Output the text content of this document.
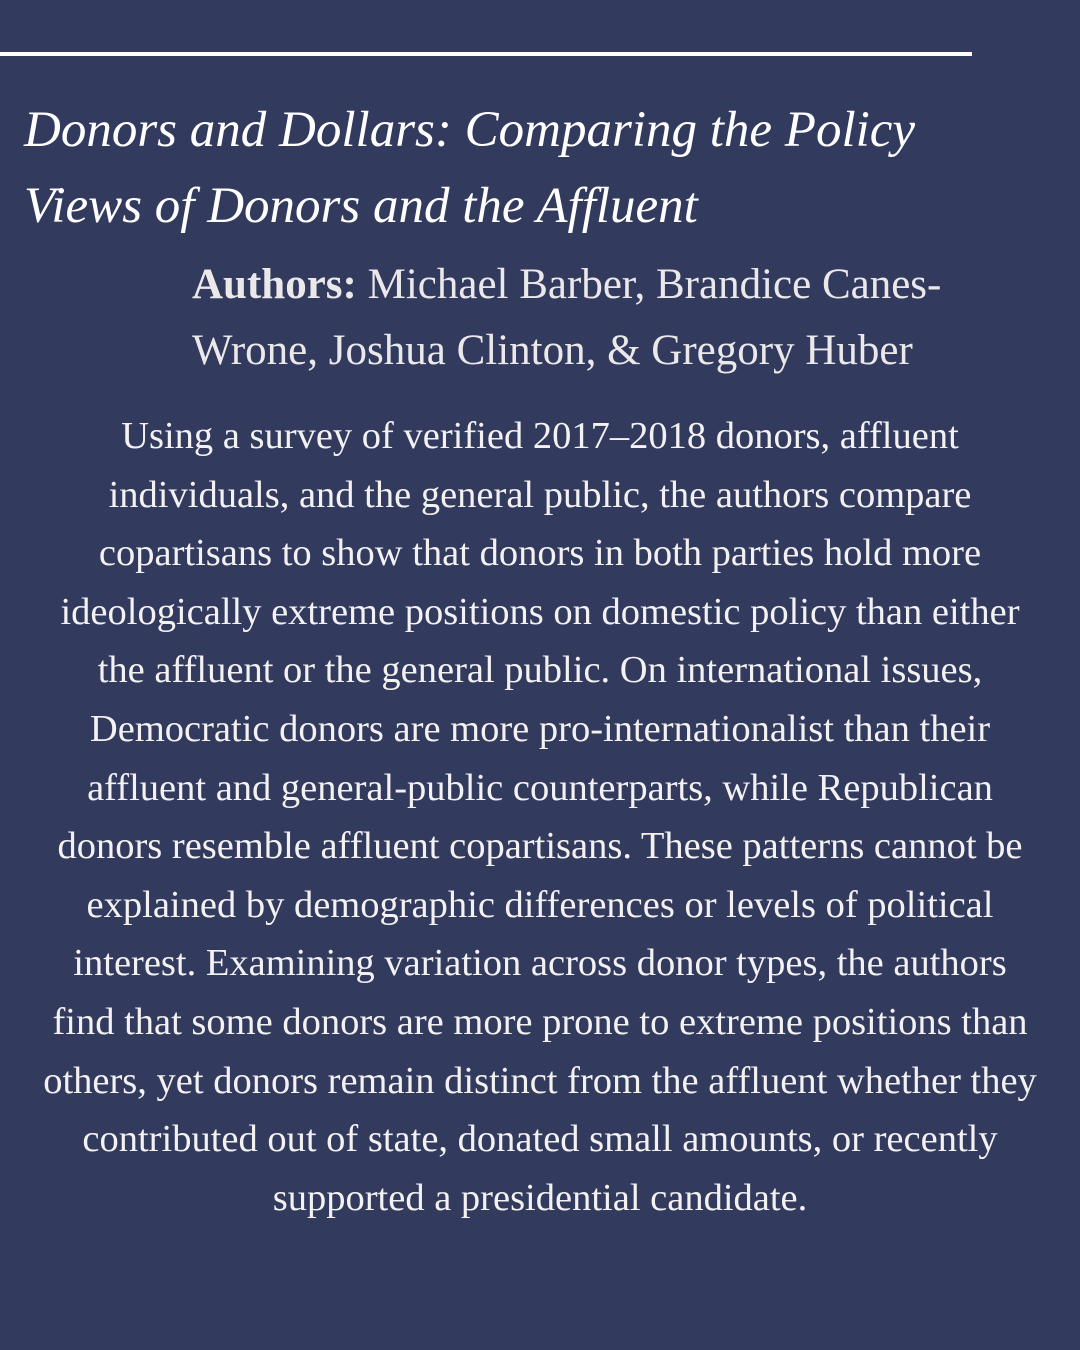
Donors and Dollars: Comparing the Policy Views of Donors and the Affluent

Authors: Michael Barber, Brandice Canes-Wrone, Joshua Clinton, & Gregory Huber

Using a survey of verified 2017–2018 donors, affluent individuals, and the general public, the authors compare copartisans to show that donors in both parties hold more ideologically extreme positions on domestic policy than either the affluent or the general public. On international issues, Democratic donors are more pro-internationalist than their affluent and general-public counterparts, while Republican donors resemble affluent copartisans. These patterns cannot be explained by demographic differences or levels of political interest. Examining variation across donor types, the authors find that some donors are more prone to extreme positions than others, yet donors remain distinct from the affluent whether they contributed out of state, donated small amounts, or recently supported a presidential candidate.
